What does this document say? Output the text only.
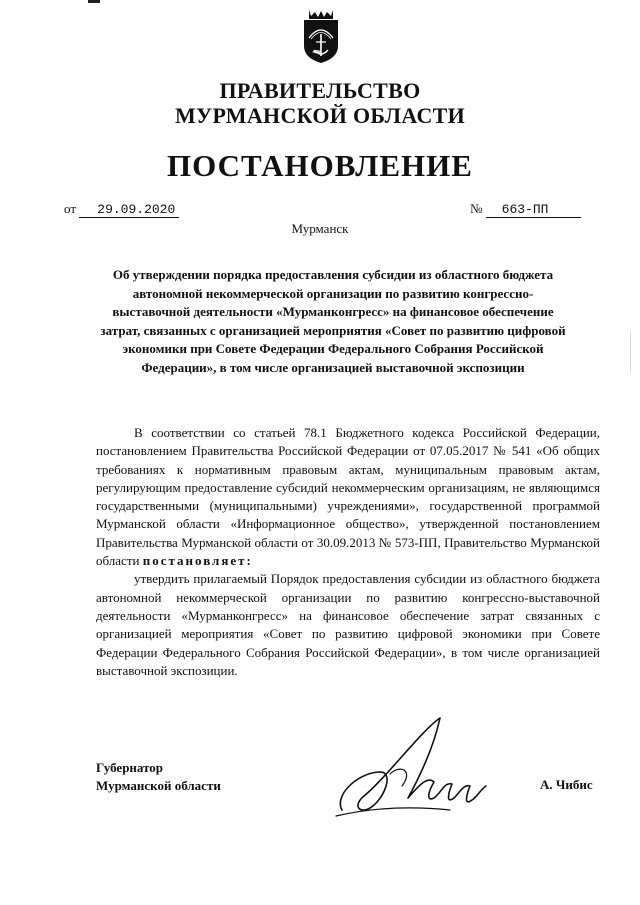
ПРАВИТЕЛЬСТВО
МУРМАНСКОЙ ОБЛАСТИ
ПОСТАНОВЛЕНИЕ
от 29.09.2020	№ 663-ПП
Мурманск
Об утверждении порядка предоставления субсидии из областного бюджета автономной некоммерческой организации по развитию конгрессно-выставочной деятельности «Мурманконгресс» на финансовое обеспечение затрат, связанных с организацией мероприятия «Совет по развитию цифровой экономики при Совете Федерации Федерального Собрания Российской Федерации», в том числе организацией выставочной экспозиции

В соответствии со статьей 78.1 Бюджетного кодекса Российской Федерации, постановлением Правительства Российской Федерации от 07.05.2017 № 541 «Об общих требованиях к нормативным правовым актам, муниципальным правовым актам, регулирующим предоставление субсидий некоммерческим организациям, не являющимся государственными (муниципальными) учреждениями», государственной программой Мурманской области «Информационное общество», утвержденной постановлением Правительства Мурманской области от 30.09.2013 № 573-ПП, Правительство Мурманской области постановляет:

утвердить прилагаемый Порядок предоставления субсидии из областного бюджета автономной некоммерческой организации по развитию конгрессно-выставочной деятельности «Мурманконгресс» на финансовое обеспечение затрат связанных с организацией мероприятия «Совет по развитию цифровой экономики при Совете Федерации Федерального Собрания Российской Федерации», в том числе организацией выставочной экспозиции.

Губернатор
Мурманской области	А. Чибис
